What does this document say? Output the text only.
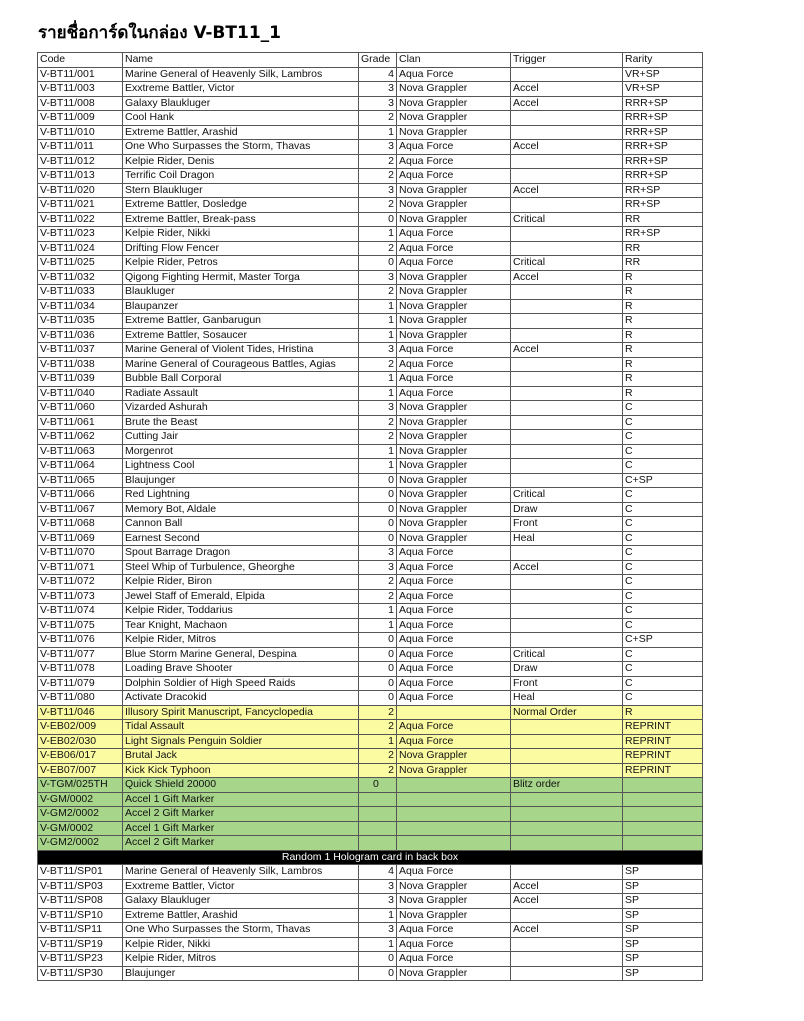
รายชื่อการ์ดในกล่อง V-BT11_1
Code	Name	Grade	Clan	Trigger	Rarity
V-BT11/001	Marine General of Heavenly Silk, Lambros	4	Aqua Force		VR+SP
V-BT11/003	Exxtreme Battler, Victor	3	Nova Grappler	Accel	VR+SP
V-BT11/008	Galaxy Blaukluger	3	Nova Grappler	Accel	RRR+SP
V-BT11/009	Cool Hank	2	Nova Grappler		RRR+SP
V-BT11/010	Extreme Battler, Arashid	1	Nova Grappler		RRR+SP
V-BT11/011	One Who Surpasses the Storm, Thavas	3	Aqua Force	Accel	RRR+SP
V-BT11/012	Kelpie Rider, Denis	2	Aqua Force		RRR+SP
V-BT11/013	Terrific Coil Dragon	2	Aqua Force		RRR+SP
V-BT11/020	Stern Blaukluger	3	Nova Grappler	Accel	RR+SP
V-BT11/021	Extreme Battler, Dosledge	2	Nova Grappler		RR+SP
V-BT11/022	Extreme Battler, Break-pass	0	Nova Grappler	Critical	RR
V-BT11/023	Kelpie Rider, Nikki	1	Aqua Force		RR+SP
V-BT11/024	Drifting Flow Fencer	2	Aqua Force		RR
V-BT11/025	Kelpie Rider, Petros	0	Aqua Force	Critical	RR
V-BT11/032	Qigong Fighting Hermit, Master Torga	3	Nova Grappler	Accel	R
V-BT11/033	Blaukluger	2	Nova Grappler		R
V-BT11/034	Blaupanzer	1	Nova Grappler		R
V-BT11/035	Extreme Battler, Ganbarugun	1	Nova Grappler		R
V-BT11/036	Extreme Battler, Sosaucer	1	Nova Grappler		R
V-BT11/037	Marine General of Violent Tides, Hristina	3	Aqua Force	Accel	R
V-BT11/038	Marine General of Courageous Battles, Agias	2	Aqua Force		R
V-BT11/039	Bubble Ball Corporal	1	Aqua Force		R
V-BT11/040	Radiate Assault	1	Aqua Force		R
V-BT11/060	Vizarded Ashurah	3	Nova Grappler		C
V-BT11/061	Brute the Beast	2	Nova Grappler		C
V-BT11/062	Cutting Jair	2	Nova Grappler		C
V-BT11/063	Morgenrot	1	Nova Grappler		C
V-BT11/064	Lightness Cool	1	Nova Grappler		C
V-BT11/065	Blaujunger	0	Nova Grappler		C+SP
V-BT11/066	Red Lightning	0	Nova Grappler	Critical	C
V-BT11/067	Memory Bot, Aldale	0	Nova Grappler	Draw	C
V-BT11/068	Cannon Ball	0	Nova Grappler	Front	C
V-BT11/069	Earnest Second	0	Nova Grappler	Heal	C
V-BT11/070	Spout Barrage Dragon	3	Aqua Force		C
V-BT11/071	Steel Whip of Turbulence, Gheorghe	3	Aqua Force	Accel	C
V-BT11/072	Kelpie Rider, Biron	2	Aqua Force		C
V-BT11/073	Jewel Staff of Emerald, Elpida	2	Aqua Force		C
V-BT11/074	Kelpie Rider, Toddarius	1	Aqua Force		C
V-BT11/075	Tear Knight, Machaon	1	Aqua Force		C
V-BT11/076	Kelpie Rider, Mitros	0	Aqua Force		C+SP
V-BT11/077	Blue Storm Marine General, Despina	0	Aqua Force	Critical	C
V-BT11/078	Loading Brave Shooter	0	Aqua Force	Draw	C
V-BT11/079	Dolphin Soldier of High Speed Raids	0	Aqua Force	Front	C
V-BT11/080	Activate Dracokid	0	Aqua Force	Heal	C
V-BT11/046	Illusory Spirit Manuscript, Fancyclopedia	2		Normal Order	R
V-EB02/009	Tidal Assault	2	Aqua Force		REPRINT
V-EB02/030	Light Signals Penguin Soldier	1	Aqua Force		REPRINT
V-EB06/017	Brutal Jack	2	Nova Grappler		REPRINT
V-EB07/007	Kick Kick Typhoon	2	Nova Grappler		REPRINT
V-TGM/025TH	Quick Shield 20000	0		Blitz order	
V-GM/0002	Accel 1 Gift Marker				
V-GM2/0002	Accel 2 Gift Marker				
V-GM/0002	Accel 1 Gift Marker				
V-GM2/0002	Accel 2 Gift Marker				
Random 1 Hologram card in back box					
V-BT11/SP01	Marine General of Heavenly Silk, Lambros	4	Aqua Force		SP
V-BT11/SP03	Exxtreme Battler, Victor	3	Nova Grappler	Accel	SP
V-BT11/SP08	Galaxy Blaukluger	3	Nova Grappler	Accel	SP
V-BT11/SP10	Extreme Battler, Arashid	1	Nova Grappler		SP
V-BT11/SP11	One Who Surpasses the Storm, Thavas	3	Aqua Force	Accel	SP
V-BT11/SP19	Kelpie Rider, Nikki	1	Aqua Force		SP
V-BT11/SP23	Kelpie Rider, Mitros	0	Aqua Force		SP
V-BT11/SP30	Blaujunger	0	Nova Grappler		SP
